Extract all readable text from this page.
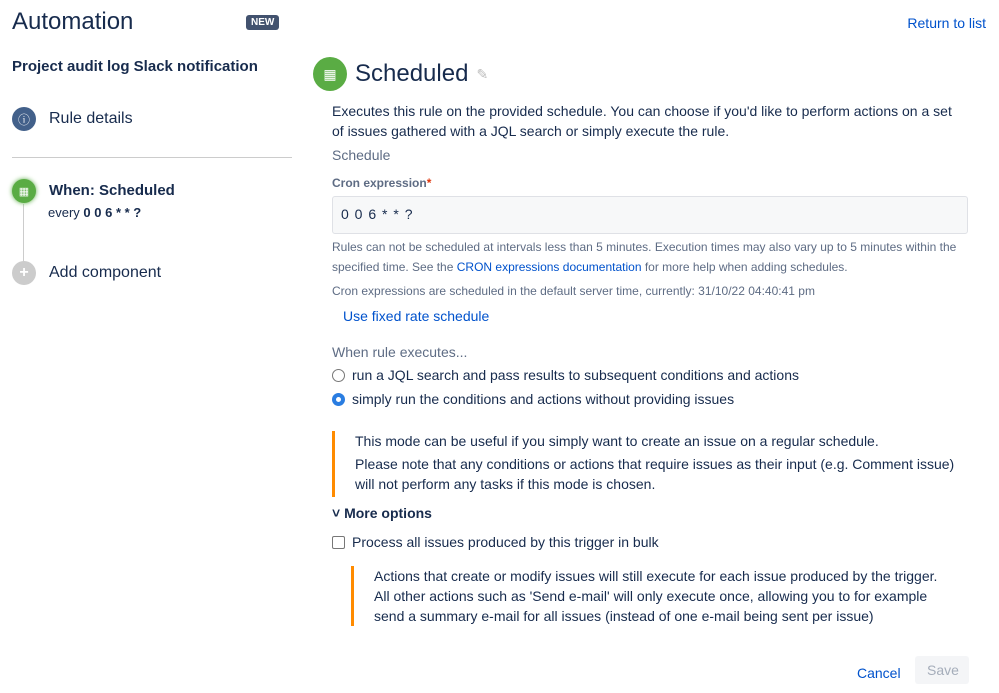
Automation	NEW	Return to list
Project audit log Slack notification
ⓘ	Rule details
▦	When: Scheduled
every 0 0 6 * * ?
+	Add component
▦ Scheduled ✎
Executes this rule on the provided schedule. You can choose if you'd like to perform actions on a set of issues gathered with a JQL search or simply execute the rule.
Schedule
Cron expression*
0 0 6 * * ?
Rules can not be scheduled at intervals less than 5 minutes. Execution times may also vary up to 5 minutes within the specified time. See the CRON expressions documentation for more help when adding schedules.
Cron expressions are scheduled in the default server time, currently: 31/10/22 04:40:41 pm
Use fixed rate schedule
When rule executes...
run a JQL search and pass results to subsequent conditions and actions
simply run the conditions and actions without providing issues
This mode can be useful if you simply want to create an issue on a regular schedule.
Please note that any conditions or actions that require issues as their input (e.g. Comment issue) will not perform any tasks if this mode is chosen.
˅ More options
Process all issues produced by this trigger in bulk
Actions that create or modify issues will still execute for each issue produced by the trigger. All other actions such as 'Send e-mail' will only execute once, allowing you to for example send a summary e-mail for all issues (instead of one e-mail being sent per issue)
Cancel	Save
